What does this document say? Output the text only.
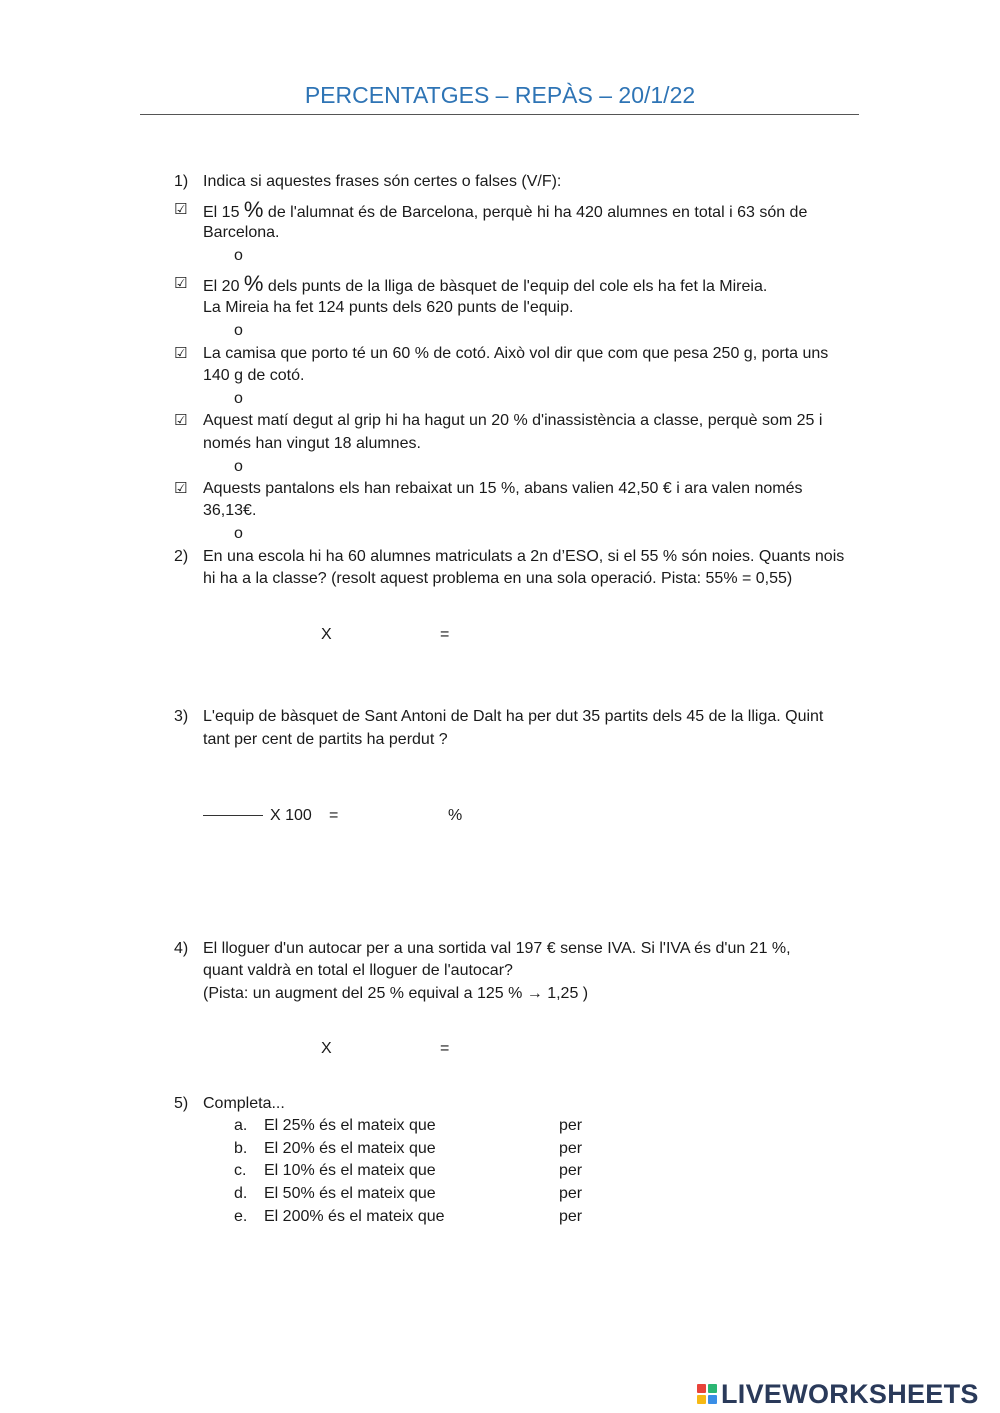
PERCENTATGES – REPÀS – 20/1/22
1) Indica si aquestes frases són certes o falses (V/F):
☑ El 15 % de l'alumnat és de Barcelona, perquè hi ha 420 alumnes en total i 63 són de
Barcelona.
o
☑ El 20 % dels punts de la lliga de bàsquet de l'equip del cole els ha fet la Mireia.
La Mireia ha fet 124 punts dels 620 punts de l'equip.
o
☑ La camisa que porto té un 60 % de cotó. Això vol dir que com que pesa 250 g, porta uns
140 g de cotó.
o
☑ Aquest matí degut al grip hi ha hagut un 20 % d'inassistència a classe, perquè som 25 i
només han vingut 18 alumnes.
o
☑ Aquests pantalons els han rebaixat un 15 %, abans valien 42,50 € i ara valen només
36,13€.
o
2) En una escola hi ha 60 alumnes matriculats a 2n d’ESO, si el 55 % són noies. Quants nois
hi ha a la classe? (resolt aquest problema en una sola operació. Pista: 55% = 0,55)
X	=
3) L'equip de bàsquet de Sant Antoni de Dalt ha per dut 35 partits dels 45 de la lliga. Quint
tant per cent de partits ha perdut ?
X 100 =	%
4) El lloguer d'un autocar per a una sortida val 197 € sense IVA. Si l'IVA és d'un 21 %,
quant valdrà en total el lloguer de l'autocar?
(Pista: un augment del 25 % equival a 125 % → 1,25 )
X	=
5) Completa...
a. El 25% és el mateix que	per
b. El 20% és el mateix que	per
c. El 10% és el mateix que	per
d. El 50% és el mateix que	per
e. El 200% és el mateix que	per
LIVEWORKSHEETS
